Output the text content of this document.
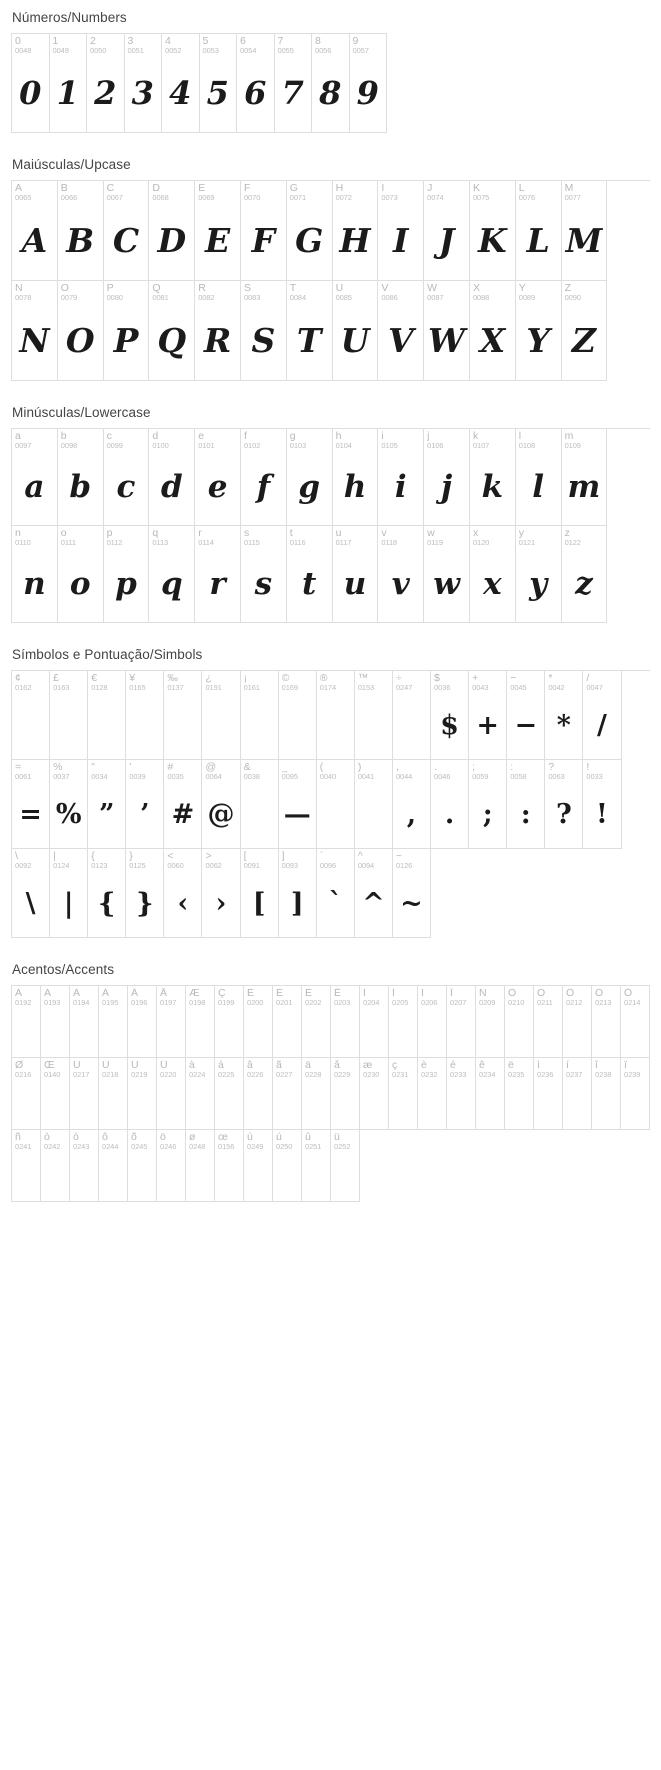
Números/Numbers
0
0048
0
1
0049
1
2
0050
2
3
0051
3
4
0052
4
5
0053
5
6
0054
6
7
0055
7
8
0056
8
9
0057
9
Maiúsculas/Upcase
A
0065
A
B
0066
B
C
0067
C
D
0068
D
E
0069
E
F
0070
F
G
0071
G
H
0072
H
I
0073
I
J
0074
J
K
0075
K
L
0076
L
M
0077
M
N
0078
N
O
0079
O
P
0080
P
Q
0081
Q
R
0082
R
S
0083
S
T
0084
T
U
0085
U
V
0086
V
W
0087
W
X
0088
X
Y
0089
Y
Z
0090
Z
Minúsculas/Lowercase
a
0097
a
b
0098
b
c
0099
c
d
0100
d
e
0101
e
f
0102
f
g
0103
g
h
0104
h
i
0105
i
j
0106
j
k
0107
k
l
0108
l
m
0109
m
n
0110
n
o
0111
o
p
0112
p
q
0113
q
r
0114
r
s
0115
s
t
0116
t
u
0117
u
v
0118
v
w
0119
w
x
0120
x
y
0121
y
z
0122
z
Símbolos e Pontuação/Simbols
¢
0162
£
0163
€
0128
¥
0165
‰
0137
¿
0191
¡
0161
©
0169
®
0174
™
0153
÷
0247
$
0036
$
+
0043
+
−
0045
−
*
0042
*
/
0047
/
=
0061
=
%
0037
%
"
0034
”
'
0039
’
#
0035
#
@
0064
@
&
0038
_
0095
—
(
0040
)
0041
,
0044
,
.
0046
.
;
0059
;
:
0058
:
?
0063
?
!
0033
!
\
0092
\
|
0124
|
{
0123
{
}
0125
}
<
0060
‹
>
0062
›
[
0091
[
]
0093
]
`
0096
`
^
0094
^
~
0126
~
Acentos/Accents
À
0192
Á
0193
Â
0194
Ã
0195
Ä
0196
Å
0197
Æ
0198
Ç
0199
È
0200
É
0201
Ê
0202
Ë
0203
Ì
0204
Í
0205
Î
0206
Ï
0207
Ñ
0209
Ò
0210
Ó
0211
Ô
0212
Õ
0213
Ö
0214
Ø
0216
Œ
0140
Ù
0217
Ú
0218
Û
0219
Ü
0220
à
0224
á
0225
â
0226
ã
0227
ä
0228
å
0229
æ
0230
ç
0231
è
0232
é
0233
ê
0234
ë
0235
ì
0236
í
0237
î
0238
ï
0239
ñ
0241
ò
0242
ó
0243
ô
0244
õ
0245
ö
0246
ø
0248
œ
0156
ù
0249
ú
0250
û
0251
ü
0252
